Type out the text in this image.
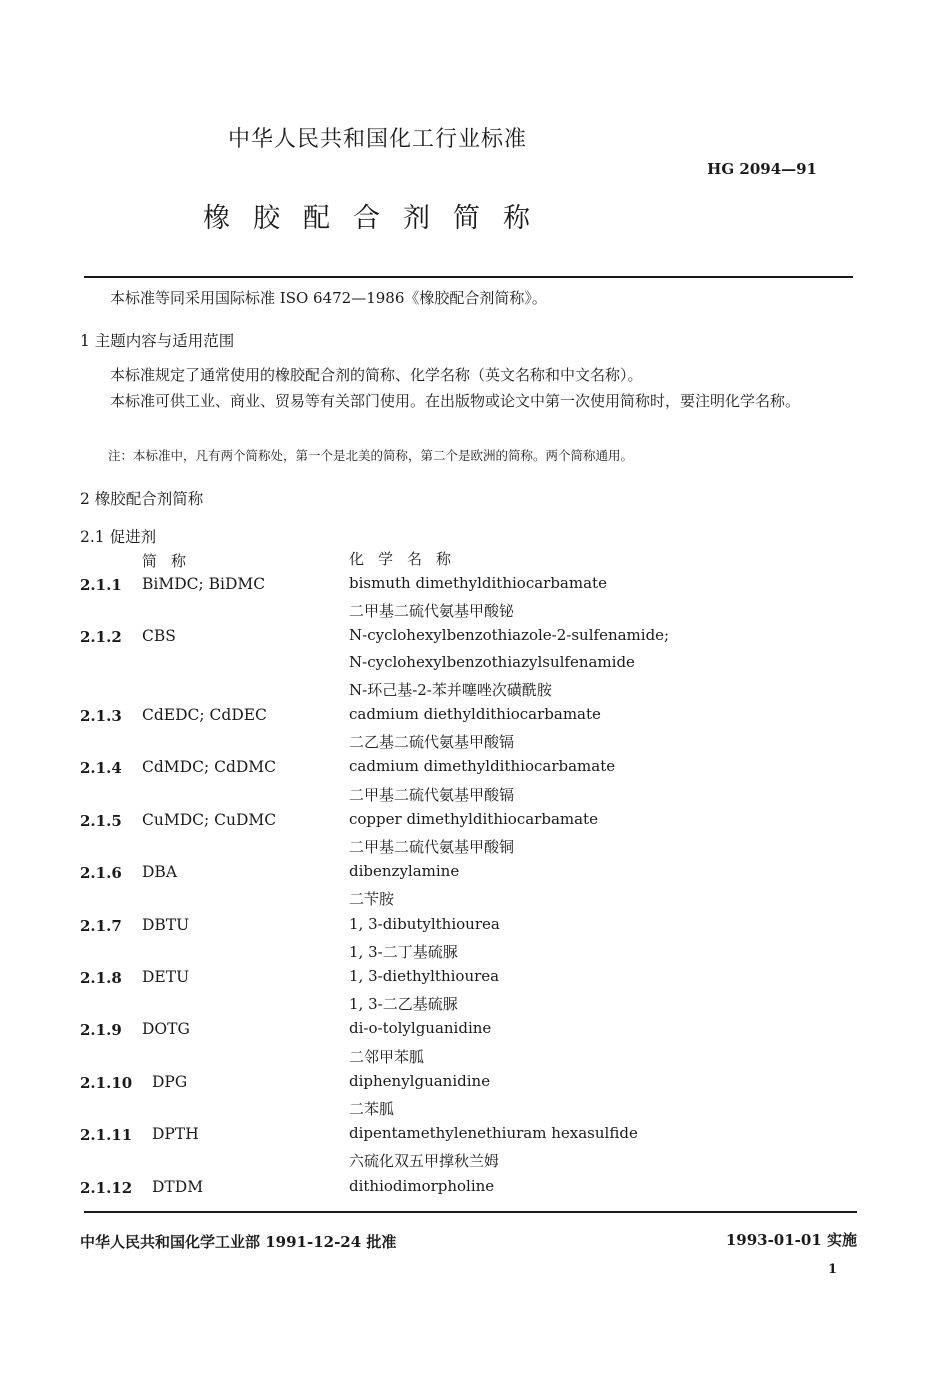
中华人民共和国化工行业标准
HG 2094—91
橡胶配合剂简称
本标准等同采用国际标准 ISO 6472—1986《橡胶配合剂简称》。
1 主题内容与适用范围
本标准规定了通常使用的橡胶配合剂的简称、化学名称（英文名称和中文名称）。
本标准可供工业、商业、贸易等有关部门使用。在出版物或论文中第一次使用简称时，要注明化学名称。
注：本标准中，凡有两个简称处，第一个是北美的简称，第二个是欧洲的简称。两个简称通用。
2 橡胶配合剂简称
2.1 促进剂
简称	化学名称
2.1.1 BiMDC; BiDMC	bismuth dimethyldithiocarbamate
二甲基二硫代氨基甲酸铋
2.1.2 CBS	N-cyclohexylbenzothiazole-2-sulfenamide;
N-cyclohexylbenzothiazylsulfenamide
N-环己基-2-苯并噻唑次磺酰胺
2.1.3 CdEDC; CdDEC	cadmium diethyldithiocarbamate
二乙基二硫代氨基甲酸镉
2.1.4 CdMDC; CdDMC	cadmium dimethyldithiocarbamate
二甲基二硫代氨基甲酸镉
2.1.5 CuMDC; CuDMC	copper dimethyldithiocarbamate
二甲基二硫代氨基甲酸铜
2.1.6 DBA	dibenzylamine
二苄胺
2.1.7 DBTU	1, 3-dibutylthiourea
1, 3-二丁基硫脲
2.1.8 DETU	1, 3-diethylthiourea
1, 3-二乙基硫脲
2.1.9 DOTG	di-o-tolylguanidine
二邻甲苯胍
2.1.10 DPG	diphenylguanidine
二苯胍
2.1.11 DPTH	dipentamethylenethiuram hexasulfide
六硫化双五甲撑秋兰姆
2.1.12 DTDM	dithiodimorpholine
中华人民共和国化学工业部 1991-12-24 批准	1993-01-01 实施
1
